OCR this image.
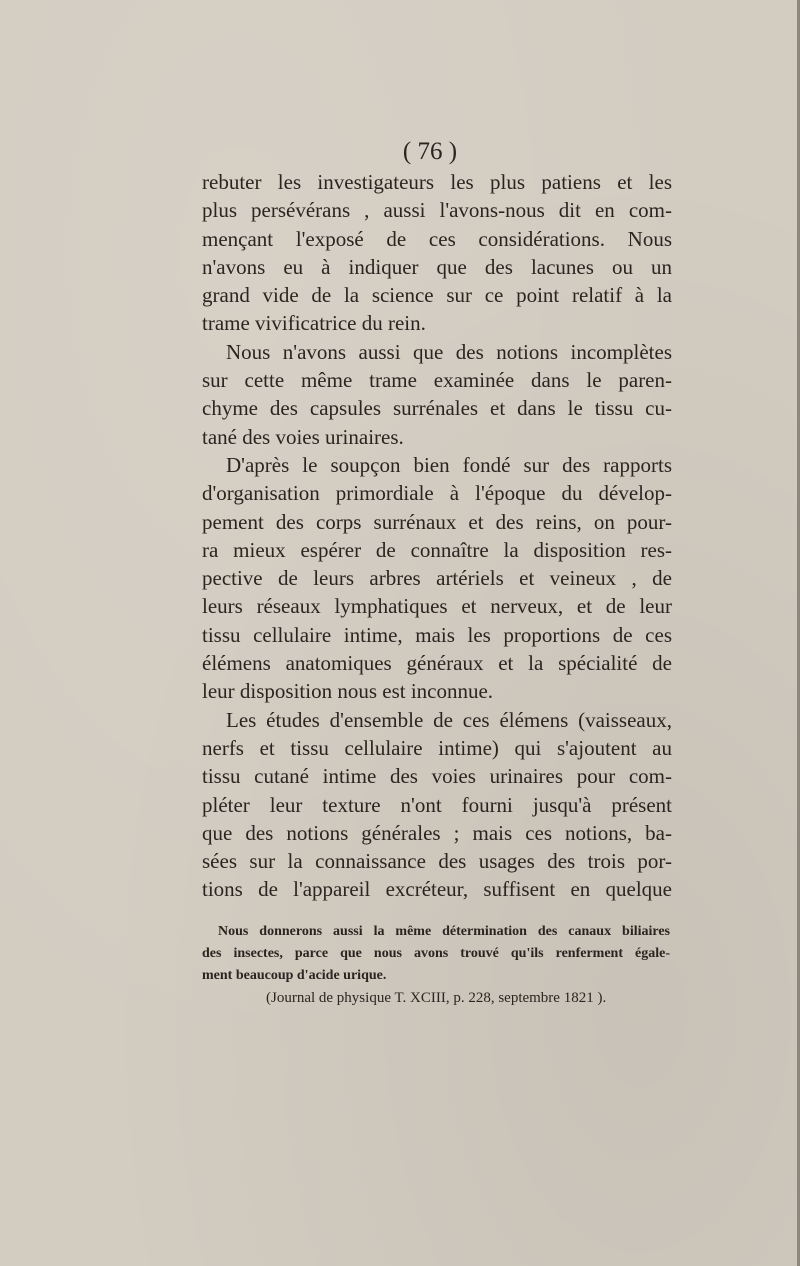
( 76 )
rebuter les investigateurs les plus patiens et les
plus persévérans , aussi l'avons-nous dit en com-
mençant l'exposé de ces considérations. Nous
n'avons eu à indiquer que des lacunes ou un
grand vide de la science sur ce point relatif à la
trame vivificatrice du rein.
Nous n'avons aussi que des notions incomplètes
sur cette même trame examinée dans le paren-
chyme des capsules surrénales et dans le tissu cu-
tané des voies urinaires.
D'après le soupçon bien fondé sur des rapports
d'organisation primordiale à l'époque du dévelop-
pement des corps surrénaux et des reins, on pour-
ra mieux espérer de connaître la disposition res-
pective de leurs arbres artériels et veineux , de
leurs réseaux lymphatiques et nerveux, et de leur
tissu cellulaire intime, mais les proportions de ces
élémens anatomiques généraux et la spécialité de
leur disposition nous est inconnue.
Les études d'ensemble de ces élémens (vaisseaux,
nerfs et tissu cellulaire intime) qui s'ajoutent au
tissu cutané intime des voies urinaires pour com-
pléter leur texture n'ont fourni jusqu'à présent
que des notions générales ; mais ces notions, ba-
sées sur la connaissance des usages des trois por-
tions de l'appareil excréteur, suffisent en quelque
Nous donnerons aussi la même détermination des canaux biliaires
des insectes, parce que nous avons trouvé qu'ils renferment égale-
ment beaucoup d'acide urique.
(Journal de physique T. XCIII, p. 228, septembre 1821 ).
